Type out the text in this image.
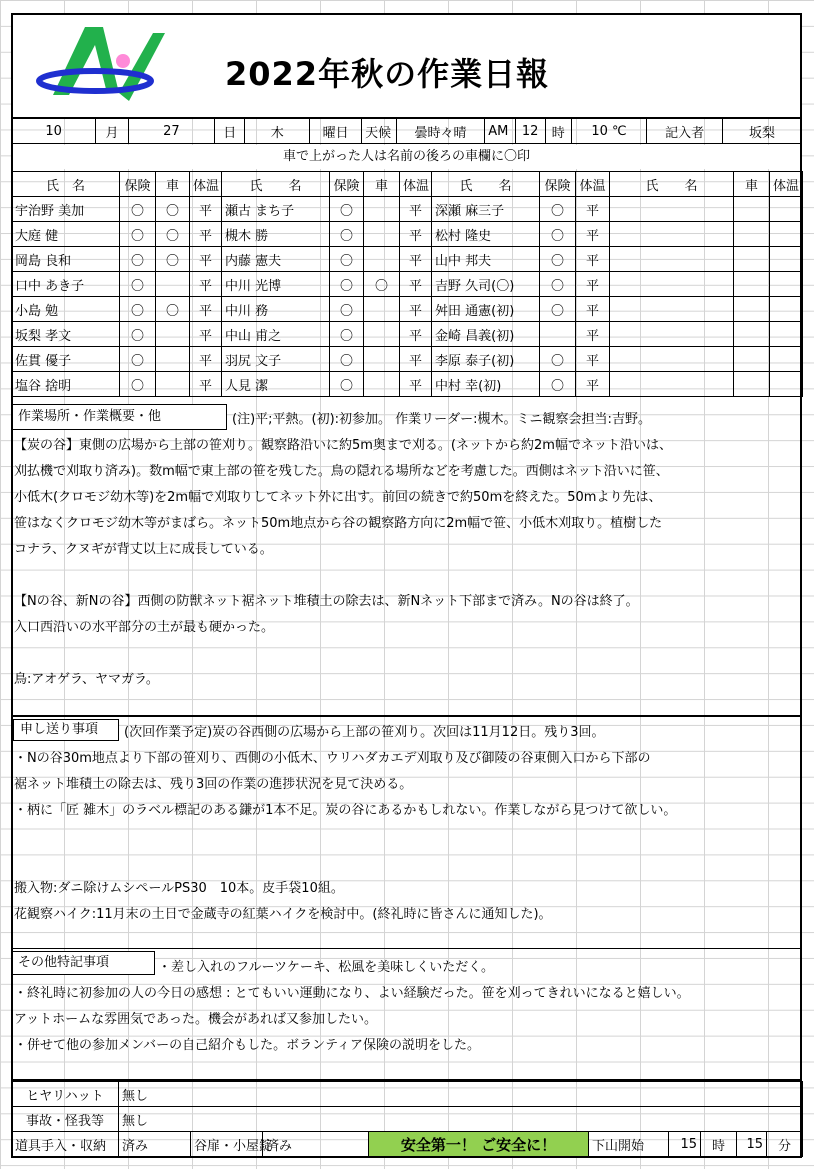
2022年秋の作業日報
10	月	27	日	木	曜日	天候	曇時々晴	AM	12	時	10 ℃	記入者	坂梨
車で上がった人は名前の後ろの車欄に〇印
氏　名	保険	車	体温	氏　　名	保険	車	体温	氏　　名	保険	体温	氏　　名	車	体温
宇治野 美加	〇	〇	平	瀬古 まち子	〇		平	深瀬 麻三子	〇	平			
大庭 健	〇	〇	平	槻木 勝	〇		平	松村 隆史	〇	平			
岡島 良和	〇	〇	平	内藤 憲夫	〇		平	山中 邦夫	〇	平			
口中 あき子	〇		平	中川 光博	〇	〇	平	吉野 久司(〇)	〇	平			
小島 勉	〇	〇	平	中川 務	〇		平	舛田 通憲(初)	〇	平			
坂梨 孝文	〇		平	中山 甫之	〇		平	金崎 昌義(初)		平			
佐貫 優子	〇		平	羽尻 文子	〇		平	李原 泰子(初)	〇	平			
塩谷 捨明	〇		平	人見 潔	〇		平	中村 幸(初)	〇	平			
作業場所・作業概要・他	(注)平;平熱。(初):初参加。 作業リーダー:槻木。ミニ観察会担当:吉野。
【炭の谷】東側の広場から上部の笹刈り。観察路沿いに約5m奥まで刈る。(ネットから約2m幅でネット沿いは、
刈払機で刈取り済み)。数m幅で東上部の笹を残した。鳥の隠れる場所などを考慮した。西側はネット沿いに笹、
小低木(クロモジ幼木等)を2m幅で刈取りしてネット外に出す。前回の続きで約50mを終えた。50mより先は、
笹はなくクロモジ幼木等がまばら。ネット50m地点から谷の観察路方向に2m幅で笹、小低木刈取り。植樹した
コナラ、クヌギが背丈以上に成長している。
【Nの谷、新Nの谷】西側の防獣ネット裾ネット堆積土の除去は、新Nネット下部まで済み。Nの谷は終了。
入口西沿いの水平部分の土が最も硬かった。
鳥:アオゲラ、ヤマガラ。
申し送り事項	(次回作業予定)炭の谷西側の広場から上部の笹刈り。次回は11月12日。残り3回。
・Nの谷30m地点より下部の笹刈り、西側の小低木、ウリハダカエデ刈取り及び御陵の谷東側入口から下部の
裾ネット堆積土の除去は、残り3回の作業の進捗状況を見て決める。
・柄に「匠 雑木」のラベル標記のある鎌が1本不足。炭の谷にあるかもしれない。作業しながら見つけて欲しい。
搬入物:ダニ除けムシペールPS30　10本。皮手袋10組。
花観察ハイク:11月末の土日で金蔵寺の紅葉ハイクを検討中。(終礼時に皆さんに通知した)。
その他特記事項	・差し入れのフルーツケーキ、松風を美味しくいただく。
・終礼時に初参加の人の今日の感想 : とてもいい運動になり、よい経験だった。笹を刈ってきれいになると嬉しい。
アットホームな雰囲気であった。機会があれば又参加したい。
・併せて他の参加メンバーの自己紹介もした。ボランティア保険の説明をした。
ヒヤリハット	無し								
事故・怪我等	無し								
道具手入・収納	済み	谷扉・小屋錠	済み	安全第一！ ご安全に！	下山開始	15	時	15	分
